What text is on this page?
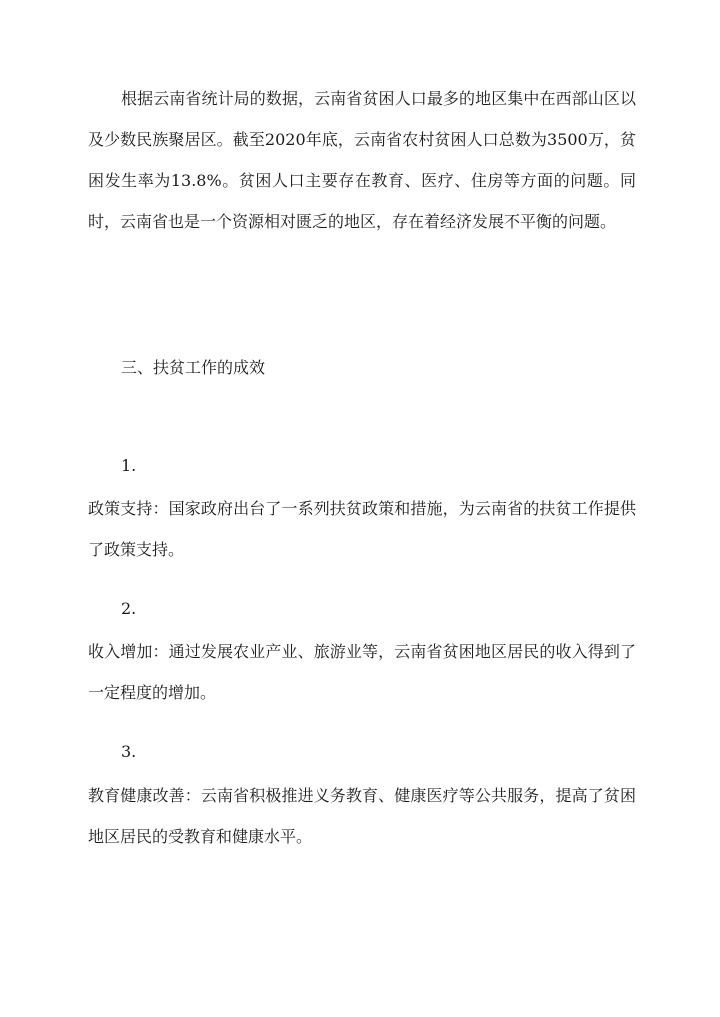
根据云南省统计局的数据，云南省贫困人口最多的地区集中在西部山区以及少数民族聚居区。截至2020年底，云南省农村贫困人口总数为3500万，贫困发生率为13.8%。贫困人口主要存在教育、医疗、住房等方面的问题。同时，云南省也是一个资源相对匮乏的地区，存在着经济发展不平衡的问题。

三、扶贫工作的成效

1.

政策支持：国家政府出台了一系列扶贫政策和措施，为云南省的扶贫工作提供了政策支持。

2.

收入增加：通过发展农业产业、旅游业等，云南省贫困地区居民的收入得到了一定程度的增加。

3.

教育健康改善：云南省积极推进义务教育、健康医疗等公共服务，提高了贫困地区居民的受教育和健康水平。
